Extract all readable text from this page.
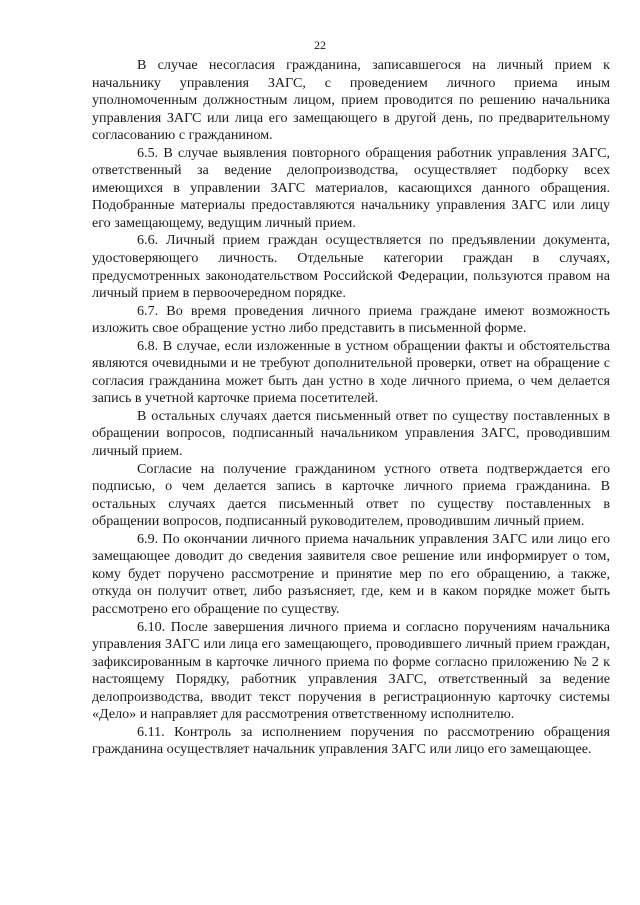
22

В случае несогласия гражданина, записавшегося на личный прием к начальнику управления ЗАГС, с проведением личного приема иным уполномоченным должностным лицом, прием проводится по решению начальника управления ЗАГС или лица его замещающего в другой день, по предварительному согласованию с гражданином.

6.5. В случае выявления повторного обращения работник управления ЗАГС, ответственный за ведение делопроизводства, осуществляет подборку всех имеющихся в управлении ЗАГС материалов, касающихся данного обращения. Подобранные материалы предоставляются начальнику управления ЗАГС или лицу его замещающему, ведущим личный прием.

6.6. Личный прием граждан осуществляется по предъявлении документа, удостоверяющего личность. Отдельные категории граждан в случаях, предусмотренных законодательством Российской Федерации, пользуются правом на личный прием в первоочередном порядке.

6.7. Во время проведения личного приема граждане имеют возможность изложить свое обращение устно либо представить в письменной форме.

6.8. В случае, если изложенные в устном обращении факты и обстоятельства являются очевидными и не требуют дополнительной проверки, ответ на обращение с согласия гражданина может быть дан устно в ходе личного приема, о чем делается запись в учетной карточке приема посетителей.

В остальных случаях дается письменный ответ по существу поставленных в обращении вопросов, подписанный начальником управления ЗАГС, проводившим личный прием.

Согласие на получение гражданином устного ответа подтверждается его подписью, о чем делается запись в карточке личного приема гражданина. В остальных случаях дается письменный ответ по существу поставленных в обращении вопросов, подписанный руководителем, проводившим личный прием.

6.9. По окончании личного приема начальник управления ЗАГС или лицо его замещающее доводит до сведения заявителя свое решение или информирует о том, кому будет поручено рассмотрение и принятие мер по его обращению, а также, откуда он получит ответ, либо разъясняет, где, кем и в каком порядке может быть рассмотрено его обращение по существу.

6.10. После завершения личного приема и согласно поручениям начальника управления ЗАГС или лица его замещающего, проводившего личный прием граждан, зафиксированным в карточке личного приема по форме согласно приложению № 2 к настоящему Порядку, работник управления ЗАГС, ответственный за ведение делопроизводства, вводит текст поручения в регистрационную карточку системы «Дело» и направляет для рассмотрения ответственному исполнителю.

6.11. Контроль за исполнением поручения по рассмотрению обращения гражданина осуществляет начальник управления ЗАГС или лицо его замещающее.
